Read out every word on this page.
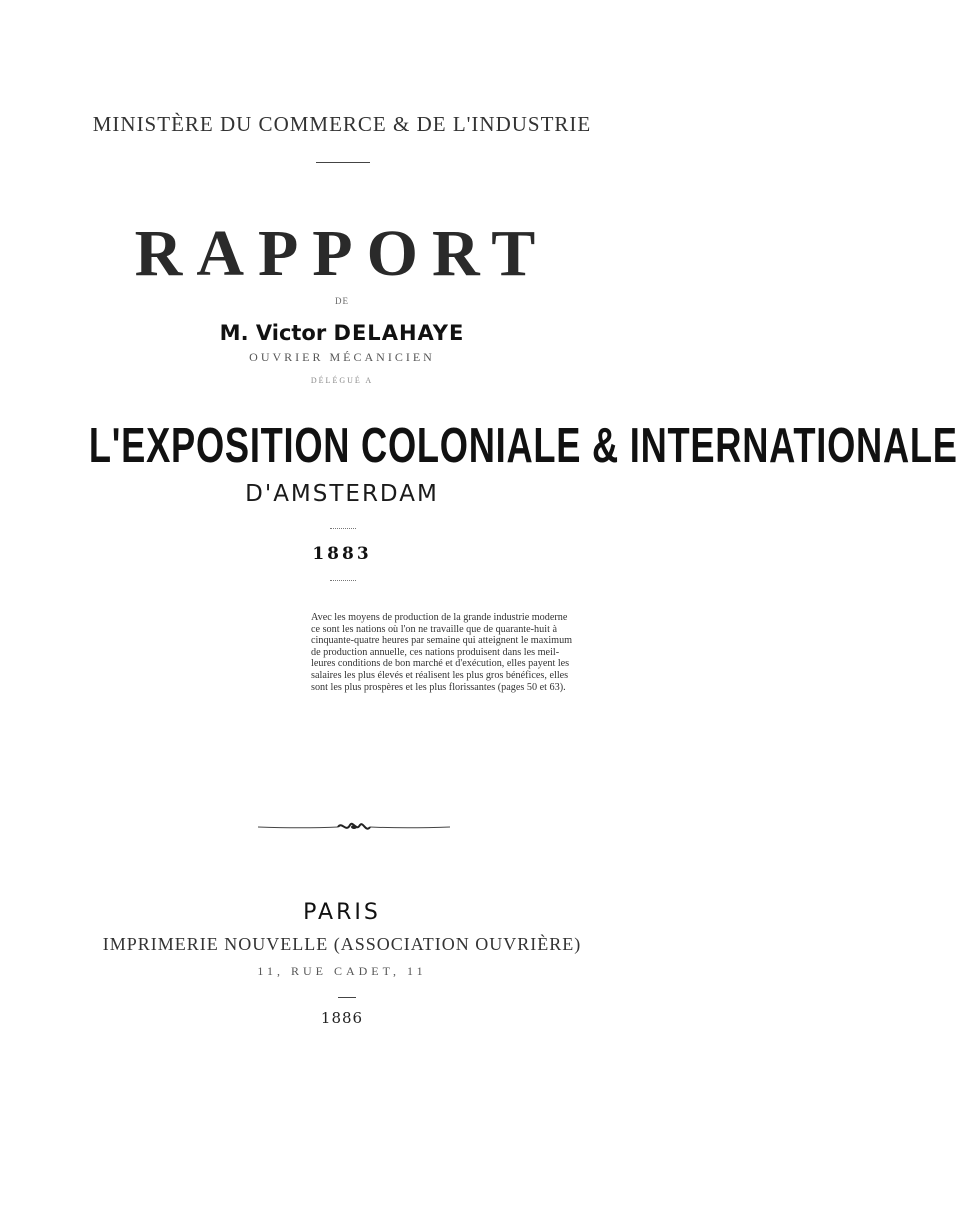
MINISTÈRE DU COMMERCE & DE L'INDUSTRIE
RAPPORT
DE
M. Victor DELAHAYE
OUVRIER MÉCANICIEN
DÉLÉGUÉ A
L'EXPOSITION COLONIALE & INTERNATIONALE
D'AMSTERDAM
1883
Avec les moyens de production de la grande industrie moderne
ce sont les nations où l'on ne travaille que de quarante-huit à
cinquante-quatre heures par semaine qui atteignent le maximum
de production annuelle, ces nations produisent dans les meil-
leures conditions de bon marché et d'exécution, elles payent les
salaires les plus élevés et réalisent les plus gros bénéfices, elles
sont les plus prospères et les plus florissantes (pages 50 et 63).
PARIS
IMPRIMERIE NOUVELLE (ASSOCIATION OUVRIÈRE)
11, RUE CADET, 11
1886
